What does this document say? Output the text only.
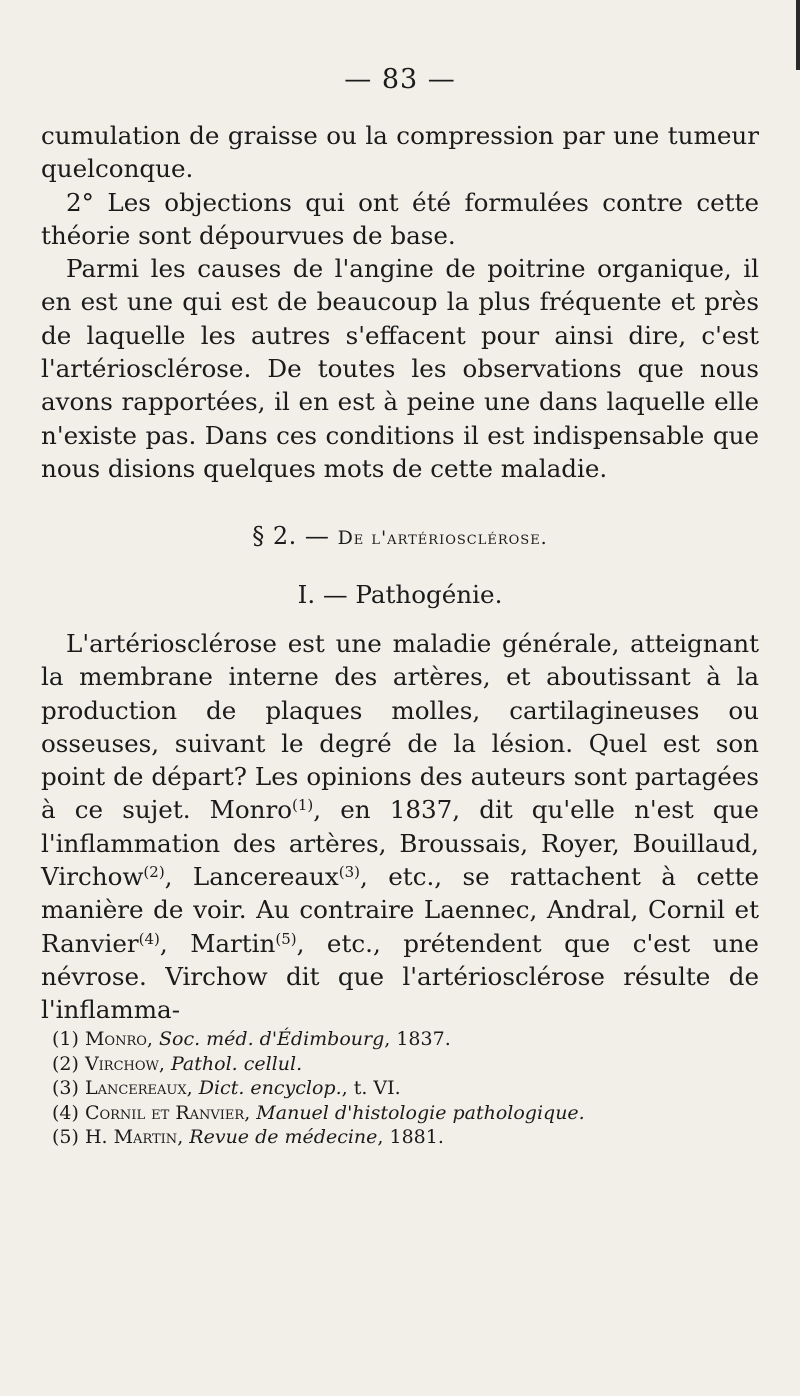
— 83 —

cumulation de graisse ou la compression par une tumeur quelconque.

2° Les objections qui ont été formulées contre cette théorie sont dépourvues de base.

Parmi les causes de l'angine de poitrine organique, il en est une qui est de beaucoup la plus fréquente et près de laquelle les autres s'effacent pour ainsi dire, c'est l'artériosclérose. De toutes les observations que nous avons rapportées, il en est à peine une dans laquelle elle n'existe pas. Dans ces conditions il est indispensable que nous disions quelques mots de cette maladie.

§ 2. — De l'artériosclérose.
I. — Pathogénie.

L'artériosclérose est une maladie générale, atteignant la membrane interne des artères, et aboutissant à la production de plaques molles, cartilagineuses ou osseuses, suivant le degré de la lésion. Quel est son point de départ? Les opinions des auteurs sont partagées à ce sujet. Monro$^{(1)}$, en 1837, dit qu'elle n'est que l'inflammation des artères, Broussais, Royer, Bouillaud, Virchow$^{(2)}$, Lancereaux$^{(3)}$, etc., se rattachent à cette manière de voir. Au contraire Laennec, Andral, Cornil et Ranvier$^{(4)}$, Martin$^{(5)}$, etc., prétendent que c'est une névrose. Virchow dit que l'artériosclérose résulte de l'inflamma-

(1) Monro, Soc. méd. d'Édimbourg, 1837.
(2) Virchow, Pathol. cellul.
(3) Lancereaux, Dict. encyclop., t. VI.
(4) Cornil et Ranvier, Manuel d'histologie pathologique.
(5) H. Martin, Revue de médecine, 1881.
